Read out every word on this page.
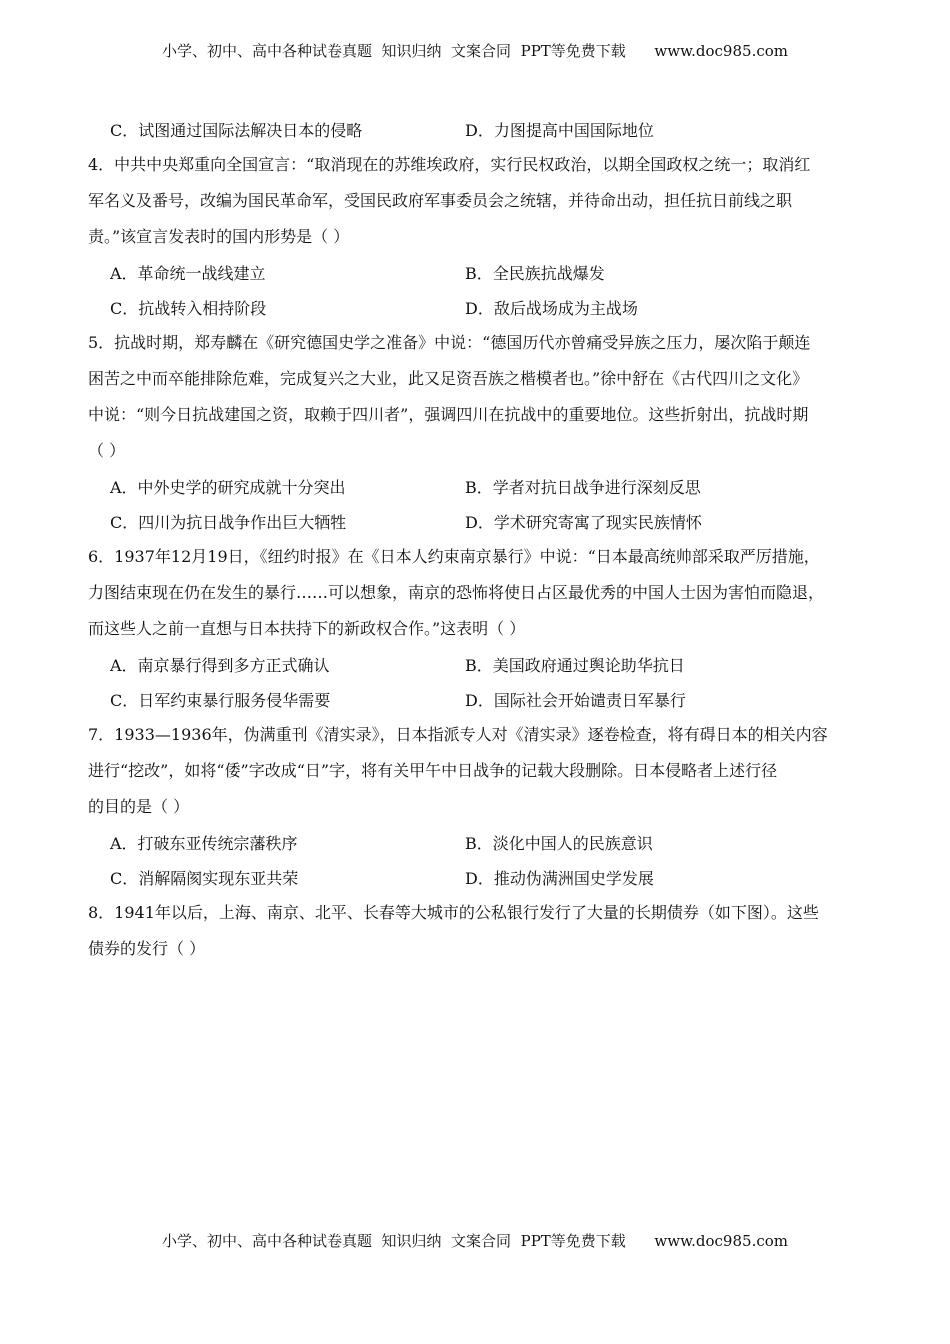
小学、初中、高中各种试卷真题  知识归纳  文案合同  PPT等免费下载      www.doc985.com
C．试图通过国际法解决日本的侵略	D．力图提高中国国际地位

4．中共中央郑重向全国宣言：“取消现在的苏维埃政府，实行民权政治，以期全国政权之统一；取消红

军名义及番号，改编为国民革命军，受国民政府军事委员会之统辖，并待命出动，担任抗日前线之职

责。”该宣言发表时的国内形势是（ ）

A．革命统一战线建立	B．全民族抗战爆发
C．抗战转入相持阶段	D．敌后战场成为主战场

5．抗战时期，郑寿麟在《研究德国史学之准备》中说：“德国历代亦曾痛受异族之压力，屡次陷于颠连

困苦之中而卒能排除危难，完成复兴之大业，此又足资吾族之楷模者也。”徐中舒在《古代四川之文化》

中说：“则今日抗战建国之资，取赖于四川者”，强调四川在抗战中的重要地位。这些折射出，抗战时期

（ ）

A．中外史学的研究成就十分突出	B．学者对抗日战争进行深刻反思
C．四川为抗日战争作出巨大牺牲	D．学术研究寄寓了现实民族情怀

6．1937年12月19日，《纽约时报》在《日本人约束南京暴行》中说：“日本最高统帅部采取严厉措施，

力图结束现在仍在发生的暴行……可以想象，南京的恐怖将使日占区最优秀的中国人士因为害怕而隐退，

而这些人之前一直想与日本扶持下的新政权合作。”这表明（ ）

A．南京暴行得到多方正式确认	B．美国政府通过舆论助华抗日
C．日军约束暴行服务侵华需要	D．国际社会开始谴责日军暴行

7．1933—1936年，伪满重刊《清实录》，日本指派专人对《清实录》逐卷检查，将有碍日本的相关内容

进行“挖改”，如将“倭”字改成“日”字，将有关甲午中日战争的记载大段删除。日本侵略者上述行径

的目的是（ ）

A．打破东亚传统宗藩秩序	B．淡化中国人的民族意识
C．消解隔阂实现东亚共荣	D．推动伪满洲国史学发展

8．1941年以后，上海、南京、北平、长春等大城市的公私银行发行了大量的长期债券（如下图）。这些

债券的发行（ ）

小学、初中、高中各种试卷真题  知识归纳  文案合同  PPT等免费下载      www.doc985.com
